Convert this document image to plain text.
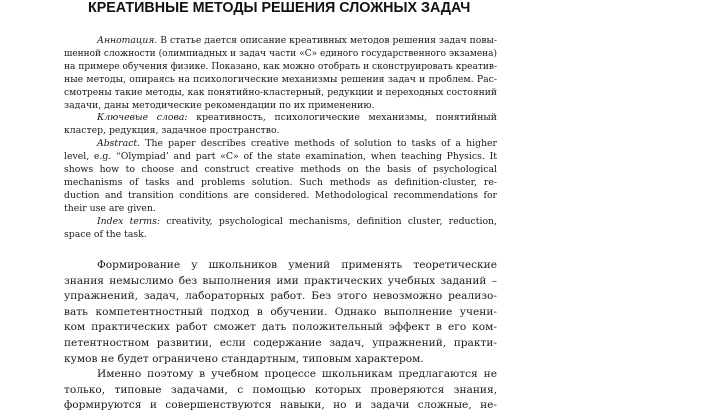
КРЕАТИВНЫЕ МЕТОДЫ РЕШЕНИЯ СЛОЖНЫХ ЗАДАЧ
Аннотация. В статье дается описание креативных методов решения задач повы-
шенной сложности (олимпиадных и задач части «С» единого государственного экзамена)
на примере обучения физике. Показано, как можно отобрать и сконструировать креатив-
ные методы, опираясь на психологические механизмы решения задач и проблем. Рас-
смотрены такие методы, как понятийно-кластерный, редукции и переходных состояний
задачи, даны методические рекомендации по их применению.
Ключевые слова: креативность, психологические механизмы, понятийный
кластер, редукция, задачное пространство.
Abstract. The paper describes creative methods of solution to tasks of a higher
level, e.g. “Olympiad’ and part «C» of the state examination, when teaching Physics. It
shows how to choose and construct creative methods on the basis of psychological
mechanisms of tasks and problems solution. Such methods as definition-cluster, re-
duction and transition conditions are considered. Methodological recommendations for
their use are given.
Index terms: creativity, psychological mechanisms, definition cluster, reduction,
space of the task.
Формирование у школьников умений применять теоретические
знания немыслимо без выполнения ими практических учебных заданий –
упражнений, задач, лабораторных работ. Без этого невозможно реализо-
вать компетентностный подход в обучении. Однако выполнение учени-
ком практических работ сможет дать положительный эффект в его ком-
петентностном развитии, если содержание задач, упражнений, практи-
кумов не будет ограничено стандартным, типовым характером.
Именно поэтому в учебном процессе школьникам предлагаются не
только, типовые задачами, с помощью которых проверяются знания,
формируются и совершенствуются навыки, но и задачи сложные, не-
